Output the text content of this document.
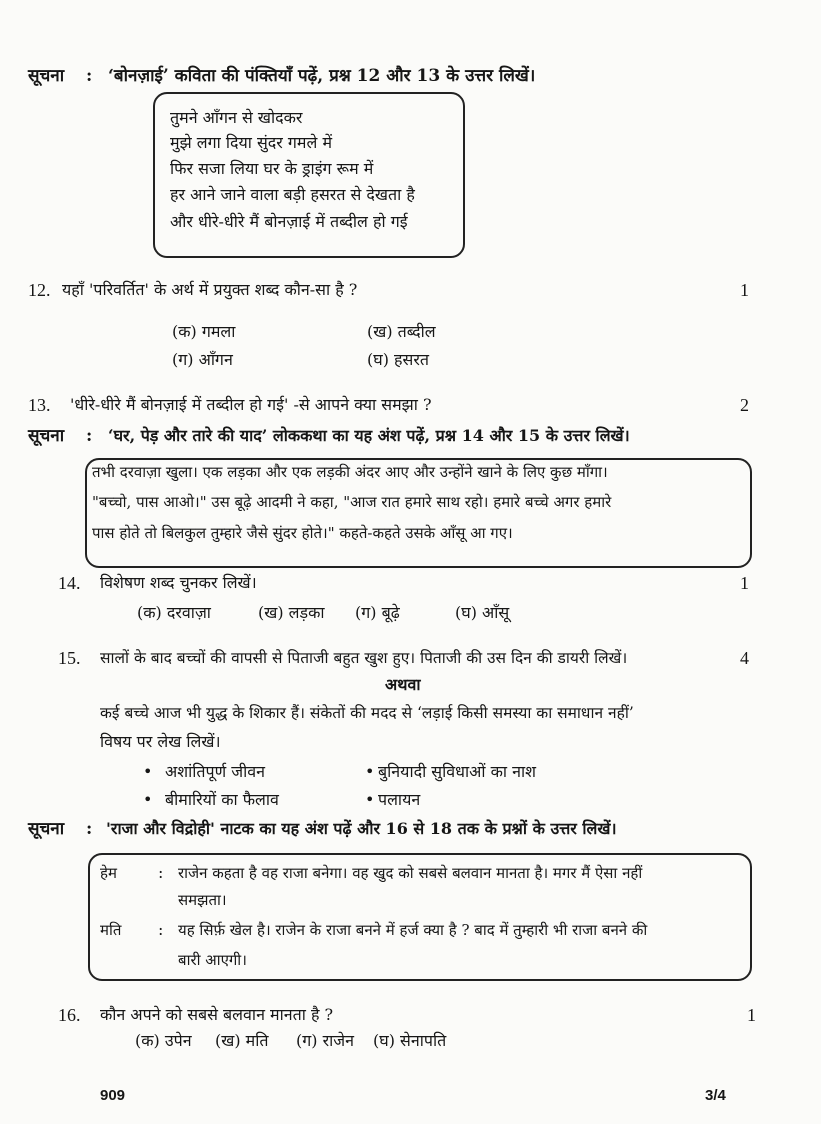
सूचना : ‘बोनज़ाई’ कविता की पंक्तियाँ पढ़ें, प्रश्न 12 और 13 के उत्तर लिखें।
तुमने आँगन से खोदकर
मुझे लगा दिया सुंदर गमले में
फिर सजा लिया घर के ड्राइंग रूम में
हर आने जाने वाला बड़ी हसरत से देखता है
और धीरे-धीरे मैं बोनज़ाई में तब्दील हो गई
12. यहाँ 'परिवर्तित' के अर्थ में प्रयुक्त शब्द कौन-सा है ?	1
(क) गमला	(ख) तब्दील
(ग) आँगन	(घ) हसरत
13. 'धीरे-धीरे मैं बोनज़ाई में तब्दील हो गई' -से आपने क्या समझा ?	2
सूचना : ‘घर, पेड़ और तारे की याद’ लोककथा का यह अंश पढ़ें, प्रश्न 14 और 15 के उत्तर लिखें।
तभी दरवाज़ा खुला। एक लड़का और एक लड़की अंदर आए और उन्होंने खाने के लिए कुछ माँगा।
"बच्चो, पास आओ।" उस बूढ़े आदमी ने कहा, "आज रात हमारे साथ रहो। हमारे बच्चे अगर हमारे
पास होते तो बिलकुल तुम्हारे जैसे सुंदर होते।" कहते-कहते उसके आँसू आ गए।
14. विशेषण शब्द चुनकर लिखें।	1
(क) दरवाज़ा	(ख) लड़का (ग) बूढ़े	(घ) आँसू
15. सालों के बाद बच्चों की वापसी से पिताजी बहुत खुश हुए। पिताजी की उस दिन की डायरी लिखें।	4
अथवा
कई बच्चे आज भी युद्ध के शिकार हैं। संकेतों की मदद से ‘लड़ाई किसी समस्या का समाधान नहीं’
विषय पर लेख लिखें।
• अशांतिपूर्ण जीवन	• बुनियादी सुविधाओं का नाश
• बीमारियों का फैलाव	• पलायन
सूचना : 'राजा और विद्रोही' नाटक का यह अंश पढ़ें और 16 से 18 तक के प्रश्नों के उत्तर लिखें।
हेम	: राजेन कहता है वह राजा बनेगा। वह खुद को सबसे बलवान मानता है। मगर मैं ऐसा नहीं
समझता।
मति : यह सिर्फ़ खेल है। राजेन के राजा बनने में हर्ज क्या है ? बाद में तुम्हारी भी राजा बनने की
बारी आएगी।
16. कौन अपने को सबसे बलवान मानता है ?	1
(क) उपेन (ख) मति (ग) राजेन (घ) सेनापति
909	3/4
